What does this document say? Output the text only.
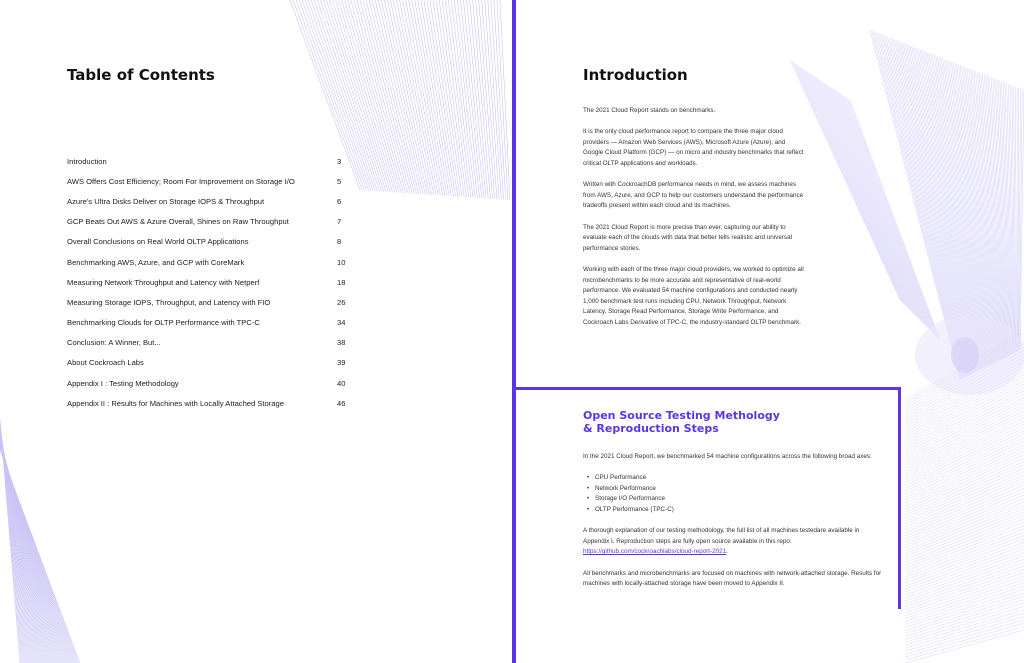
Table of Contents
Introduction	3
AWS Offers Cost Efficiency; Room For Improvement on Storage I/O	5
Azure's Ultra Disks Deliver on Storage IOPS & Throughput	6
GCP Beats Out AWS & Azure Overall, Shines on Raw Throughput	7
Overall Conclusions on Real World OLTP Applications	8
Benchmarking AWS, Azure, and GCP with CoreMark	10
Measuring Network Throughput and Latency with Netperf	18
Measuring Storage IOPS, Throughput, and Latency with FIO	26
Benchmarking Clouds for OLTP Performance with TPC-C	34
Conclusion: A Winner, But...	38
About Cockroach Labs	39
Appendix I : Testing Methodology	40
Appendix II : Results for Machines with Locally Attached Storage	46
Introduction

The 2021 Cloud Report stands on benchmarks.

It is the only cloud performance report to compare the three major cloud providers — Amazon Web Services (AWS), Microsoft Azure (Azure), and Google Cloud Platform (GCP) — on micro and industry benchmarks that reflect critical OLTP applications and workloads.

Written with CockroachDB performance needs in mind, we assess machines from AWS, Azure, and GCP to help our customers understand the performance tradeoffs present within each cloud and its machines.

The 2021 Cloud Report is more precise than ever, capturing our ability to evaluate each of the clouds with data that better tells realistic and universal performance stories.

Working with each of the three major cloud providers, we worked to optimize all microbenchmarks to be more accurate and representative of real-world performance. We evaluated 54 machine configurations and conducted nearly 1,000 benchmark test runs including CPU, Network Throughput, Network Latency, Storage Read Performance, Storage Write Performance, and Cockroach Labs Derivative of TPC-C, the industry-standard OLTP benchmark.

Open Source Testing Methology
& Reproduction Steps

In the 2021 Cloud Report, we benchmarked 54 machine configurations across the following broad axes:

• CPU Performance
• Network Performance
• Storage I/O Performance
• OLTP Performance (TPC-C)

A thorough explanation of our testing methodology, the full list of all machines testedare available in Appendix I. Reproduction steps are fully open source available in this repo: https://github.com/cockroachlabs/cloud-report-2021.

All benchmarks and microbenchmarks are focused on machines with network-attached storage. Results for machines with locally-attached storage have been moved to Appendix II.
